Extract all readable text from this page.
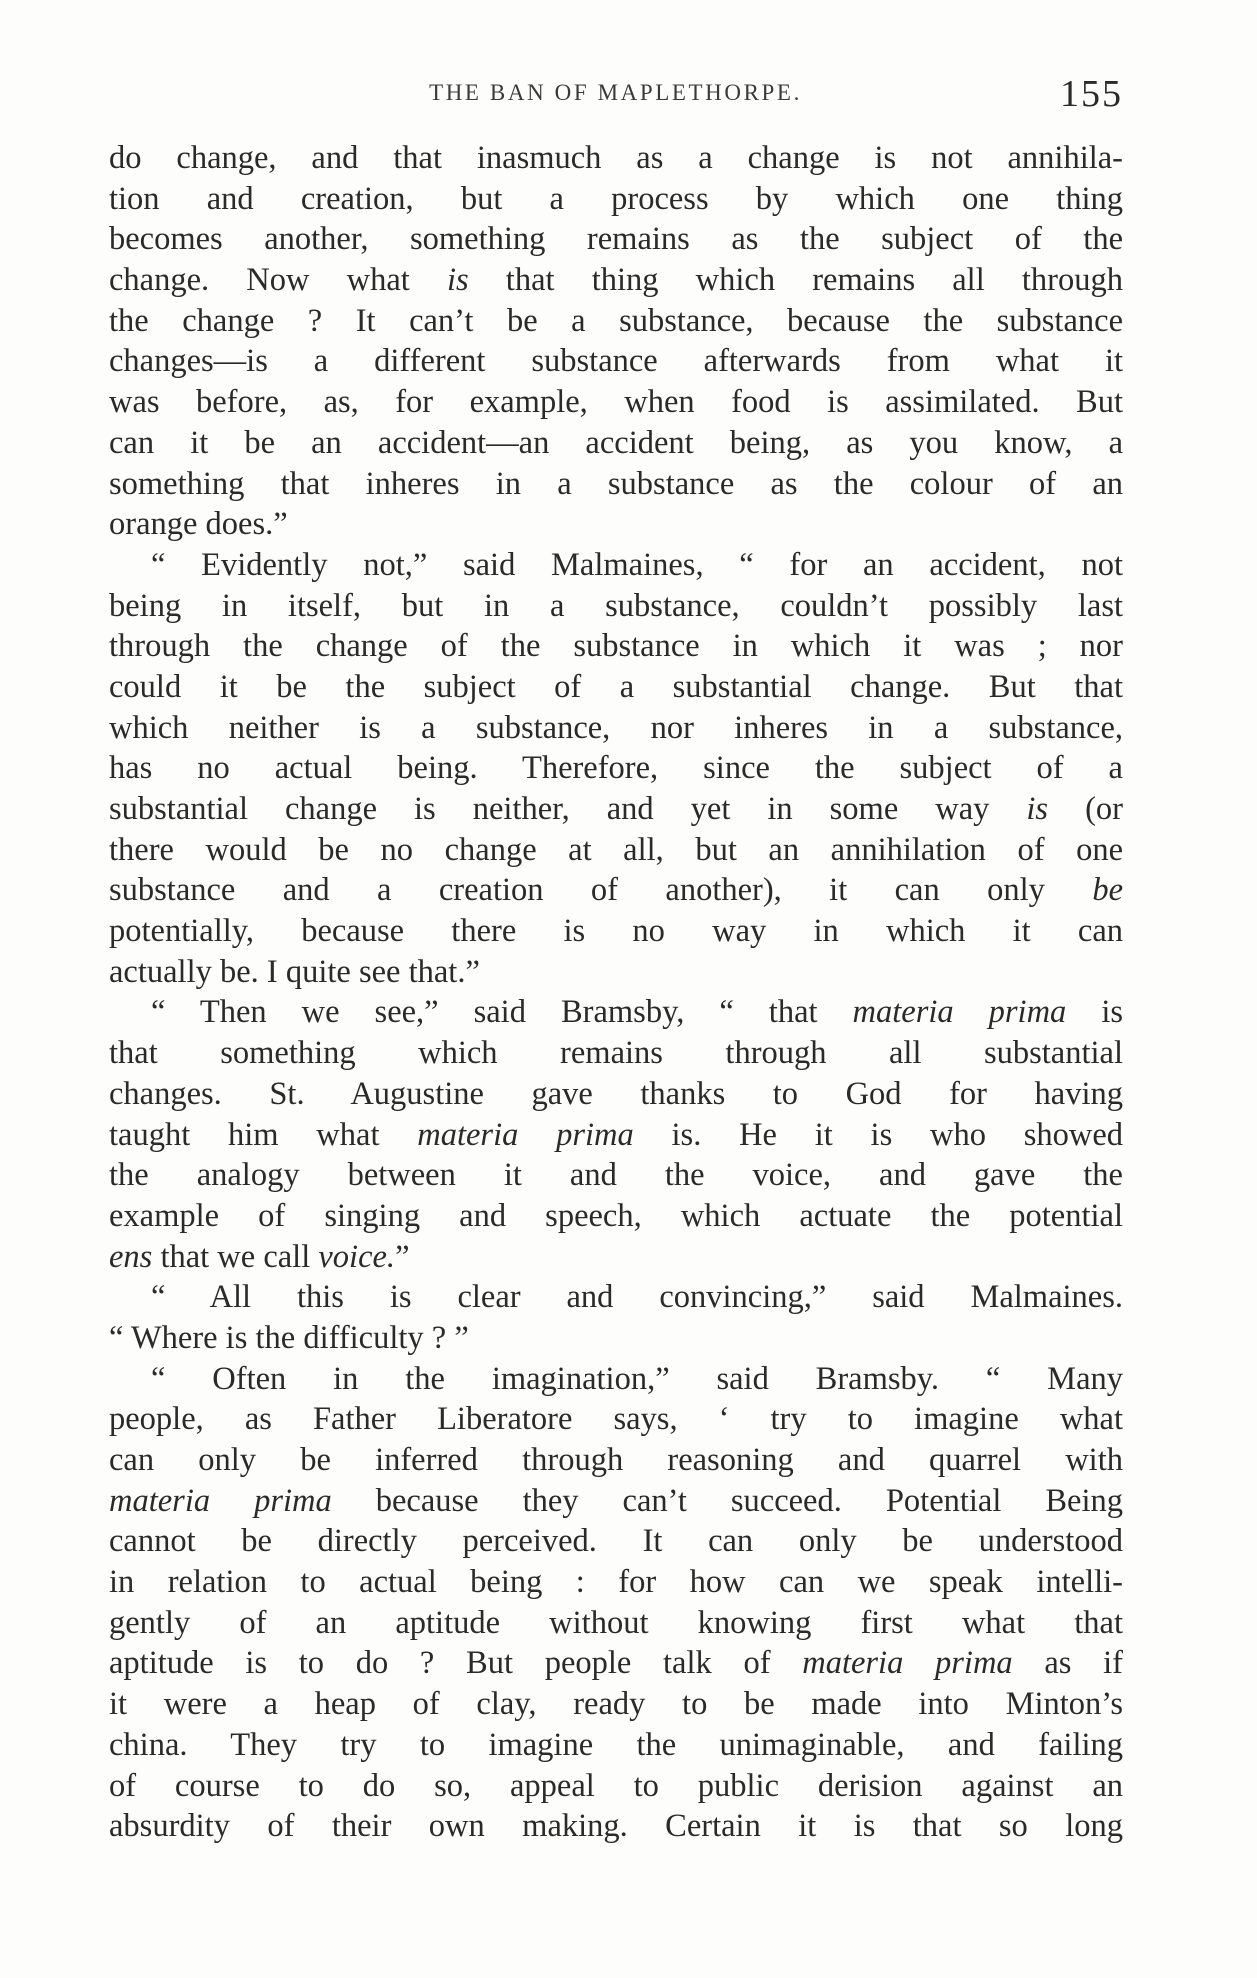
THE BAN OF MAPLETHORPE.	155
do change, and that inasmuch as a change is not annihila-
tion and creation, but a process by which one thing
becomes another, something remains as the subject of the
change. Now what is that thing which remains all through
the change ? It can’t be a substance, because the substance
changes—is a different substance afterwards from what it
was before, as, for example, when food is assimilated. But
can it be an accident—an accident being, as you know, a
something that inheres in a substance as the colour of an
orange does.”
“ Evidently not,” said Malmaines, “ for an accident, not
being in itself, but in a substance, couldn’t possibly last
through the change of the substance in which it was ; nor
could it be the subject of a substantial change. But that
which neither is a substance, nor inheres in a substance,
has no actual being. Therefore, since the subject of a
substantial change is neither, and yet in some way is (or
there would be no change at all, but an annihilation of one
substance and a creation of another), it can only be
potentially, because there is no way in which it can
actually be. I quite see that.”
“ Then we see,” said Bramsby, “ that materia prima is
that something which remains through all substantial
changes. St. Augustine gave thanks to God for having
taught him what materia prima is. He it is who showed
the analogy between it and the voice, and gave the
example of singing and speech, which actuate the potential
ens that we call voice.”
“ All this is clear and convincing,” said Malmaines.
“ Where is the difficulty ? ”
“ Often in the imagination,” said Bramsby. “ Many
people, as Father Liberatore says, ‘ try to imagine what
can only be inferred through reasoning and quarrel with
materia prima because they can’t succeed. Potential Being
cannot be directly perceived. It can only be understood
in relation to actual being : for how can we speak intelli-
gently of an aptitude without knowing first what that
aptitude is to do ? But people talk of materia prima as if
it were a heap of clay, ready to be made into Minton’s
china. They try to imagine the unimaginable, and failing
of course to do so, appeal to public derision against an
absurdity of their own making. Certain it is that so long
